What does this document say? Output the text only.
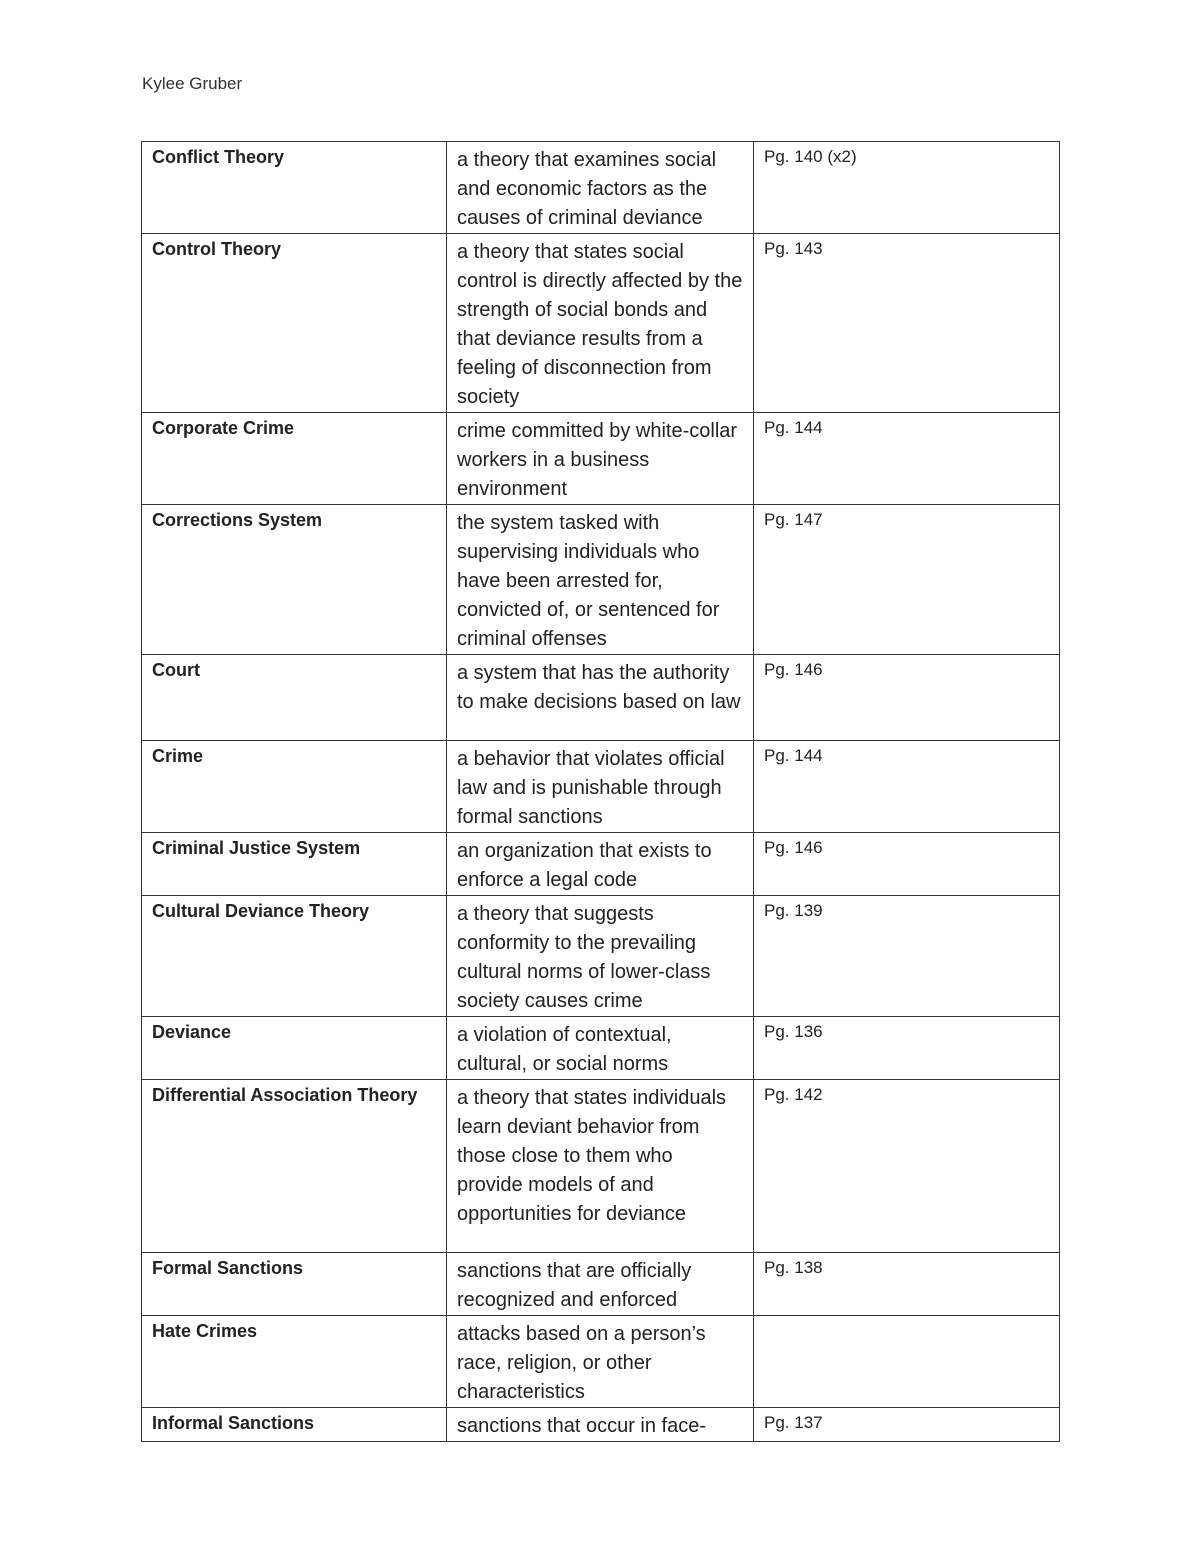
Kylee Gruber
Conflict Theory	a theory that examines social and economic factors as the causes of criminal deviance	Pg. 140 (x2)
Control Theory	a theory that states social control is directly affected by the strength of social bonds and that deviance results from a feeling of disconnection from society	Pg. 143
Corporate Crime	crime committed by white-collar workers in a business environment	Pg. 144
Corrections System	the system tasked with supervising individuals who have been arrested for, convicted of, or sentenced for criminal offenses	Pg. 147
Court	a system that has the authority to make decisions based on law	Pg. 146
Crime	a behavior that violates official law and is punishable through formal sanctions	Pg. 144
Criminal Justice System	an organization that exists to enforce a legal code	Pg. 146
Cultural Deviance Theory	a theory that suggests conformity to the prevailing cultural norms of lower-class society causes crime	Pg. 139
Deviance	a violation of contextual, cultural, or social norms	Pg. 136
Differential Association Theory	a theory that states individuals learn deviant behavior from those close to them who provide models of and opportunities for deviance	Pg. 142
Formal Sanctions	sanctions that are officially recognized and enforced	Pg. 138
Hate Crimes	attacks based on a person’s race, religion, or other characteristics	
Informal Sanctions	sanctions that occur in face-	Pg. 137
